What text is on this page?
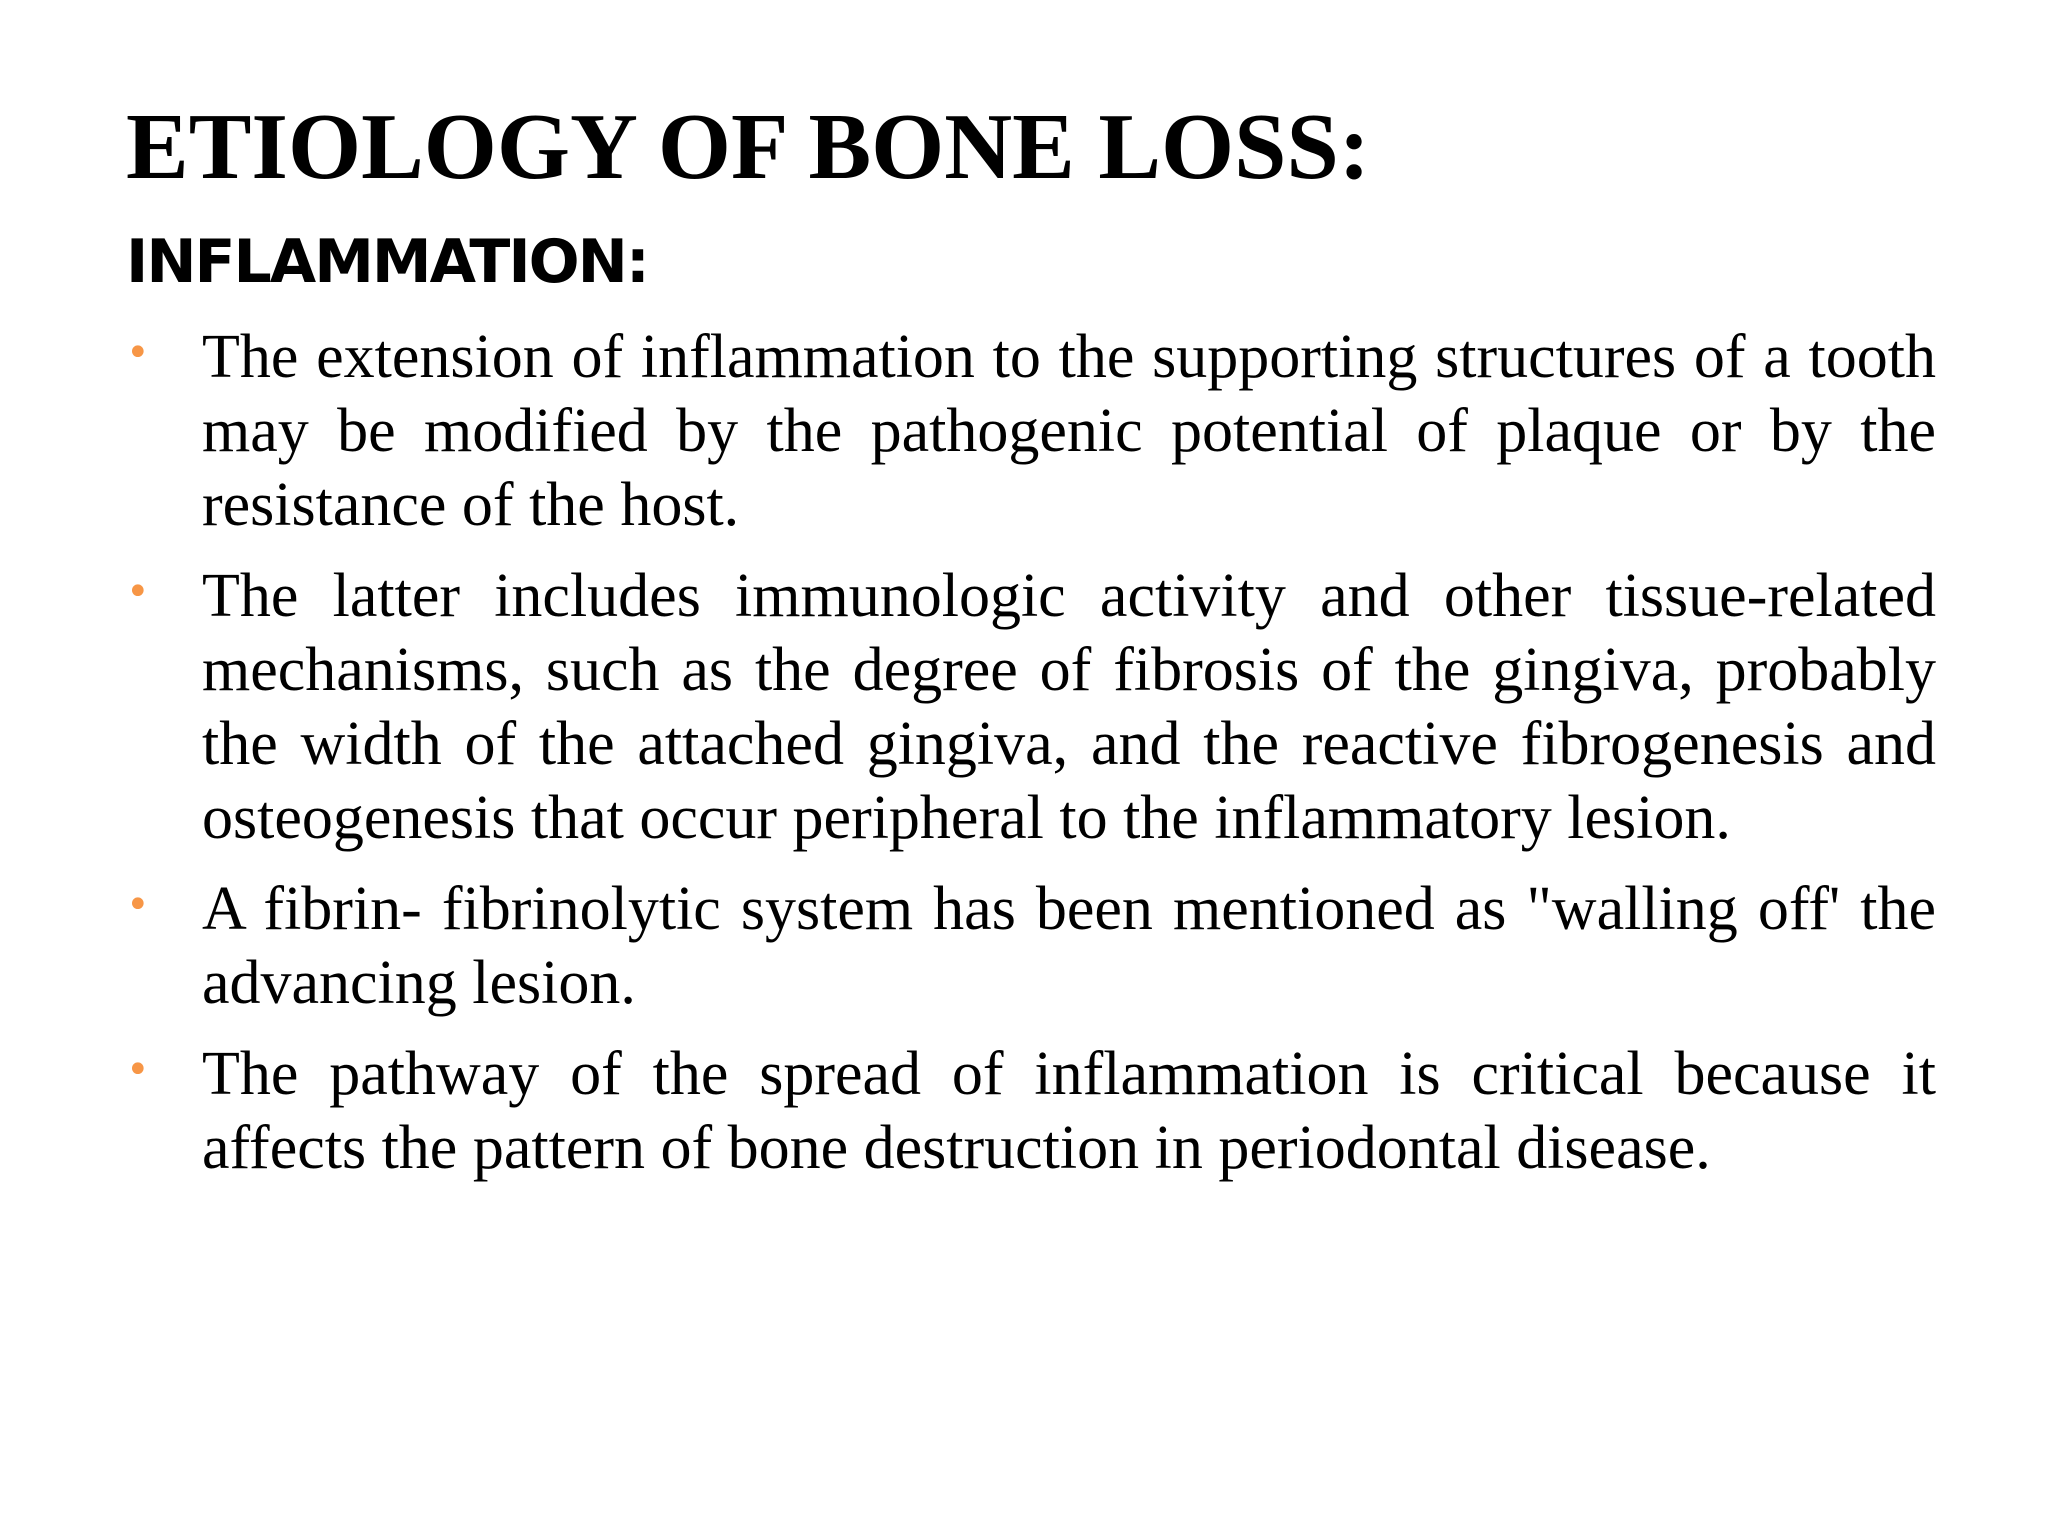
ETIOLOGY OF BONE LOSS:
INFLAMMATION:
• The extension of inflammation to the supporting structures of a tooth may be modified by the pathogenic potential of plaque or by the resistance of the host.
• The latter includes immunologic activity and other tissue-related mechanisms, such as the degree of fibrosis of the gingiva, probably the width of the attached gingiva, and the reactive fibrogenesis and osteogenesis that occur peripheral to the inflammatory lesion.
• A fibrin- fibrinolytic system has been mentioned as "walling off' the advancing lesion.
• The pathway of the spread of inflammation is critical because it affects the pattern of bone destruction in periodontal disease.
